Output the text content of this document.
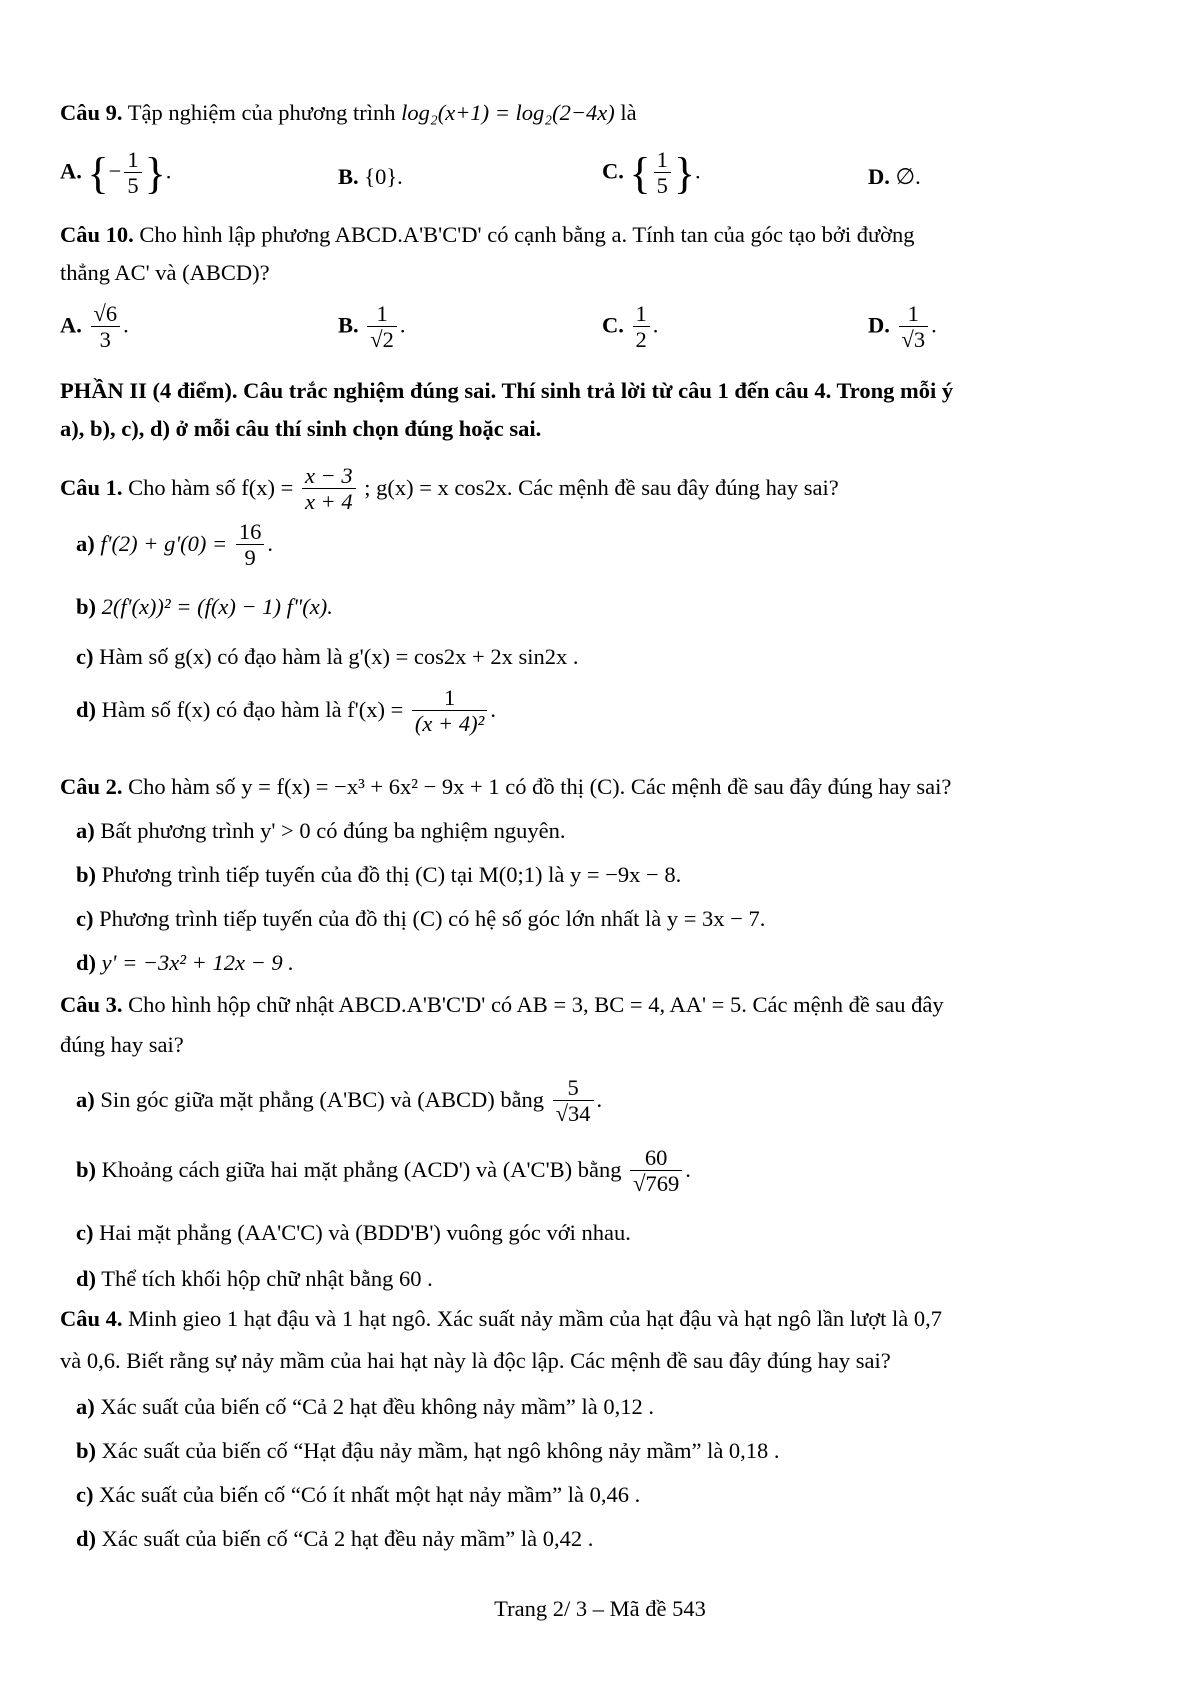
Câu 9. Tập nghiệm của phương trình log₂(x+1) = log₂(2−4x) là
A. {− $\frac{1}{5}$ }.	B. {0}.	C. { $\frac{1}{5}$ }.	D. ∅.
Câu 10. Cho hình lập phương ABCD.A'B'C'D' có cạnh bằng a. Tính tan của góc tạo bởi đường
thẳng AC' và (ABCD)?
A. $\frac{√6}{3}$ .	B. $\frac{1}{√2}$ .	C. $\frac{1}{2}$ .	D. $\frac{1}{√3}$ .
PHẦN II (4 điểm). Câu trắc nghiệm đúng sai. Thí sinh trả lời từ câu 1 đến câu 4. Trong mỗi ý
a), b), c), d) ở mỗi câu thí sinh chọn đúng hoặc sai.
Câu 1. Cho hàm số $f(x) = \frac{x - 3}{x + 4}$ ; g(x) = x cos2x. Các mệnh đề sau đây đúng hay sai?
a) $f'(2) + g'(0) = \frac{16}{9}$ .
b) 2(f'(x))² = (f(x) − 1) f"(x).
c) Hàm số g(x) có đạo hàm là g'(x) = cos2x + 2x sin2x .
d) Hàm số f(x) có đạo hàm là $f'(x) = \frac{1}{\text{(x + 4)²}}$ .
Câu 2. Cho hàm số y = f(x) = −x³ + 6x² − 9x + 1 có đồ thị (C). Các mệnh đề sau đây đúng hay sai?
a) Bất phương trình y' > 0 có đúng ba nghiệm nguyên.
b) Phương trình tiếp tuyến của đồ thị (C) tại M(0;1) là y = −9x − 8.
c) Phương trình tiếp tuyến của đồ thị (C) có hệ số góc lớn nhất là y = 3x − 7.
d) y' = −3x² + 12x − 9 .
Câu 3. Cho hình hộp chữ nhật ABCD.A'B'C'D' có AB = 3, BC = 4, AA' = 5. Các mệnh đề sau đây
đúng hay sai?
a) Sin góc giữa mặt phẳng (A'BC) và (ABCD) bằng $\frac{5}{√34}$ .
b) Khoảng cách giữa hai mặt phẳng (ACD') và (A'C'B) bằng $\frac{60}{√769}$ .
c) Hai mặt phẳng (AA'C'C) và (BDD'B') vuông góc với nhau.
d) Thể tích khối hộp chữ nhật bằng 60 .
Câu 4. Minh gieo 1 hạt đậu và 1 hạt ngô. Xác suất nảy mầm của hạt đậu và hạt ngô lần lượt là 0,7
và 0,6. Biết rằng sự nảy mầm của hai hạt này là độc lập. Các mệnh đề sau đây đúng hay sai?
a) Xác suất của biến cố “Cả 2 hạt đều không nảy mầm” là 0,12 .
b) Xác suất của biến cố “Hạt đậu nảy mầm, hạt ngô không nảy mầm” là 0,18 .
c) Xác suất của biến cố “Có ít nhất một hạt nảy mầm” là 0,46 .
d) Xác suất của biến cố “Cả 2 hạt đều nảy mầm” là 0,42 .
Trang 2/ 3 – Mã đề 543
